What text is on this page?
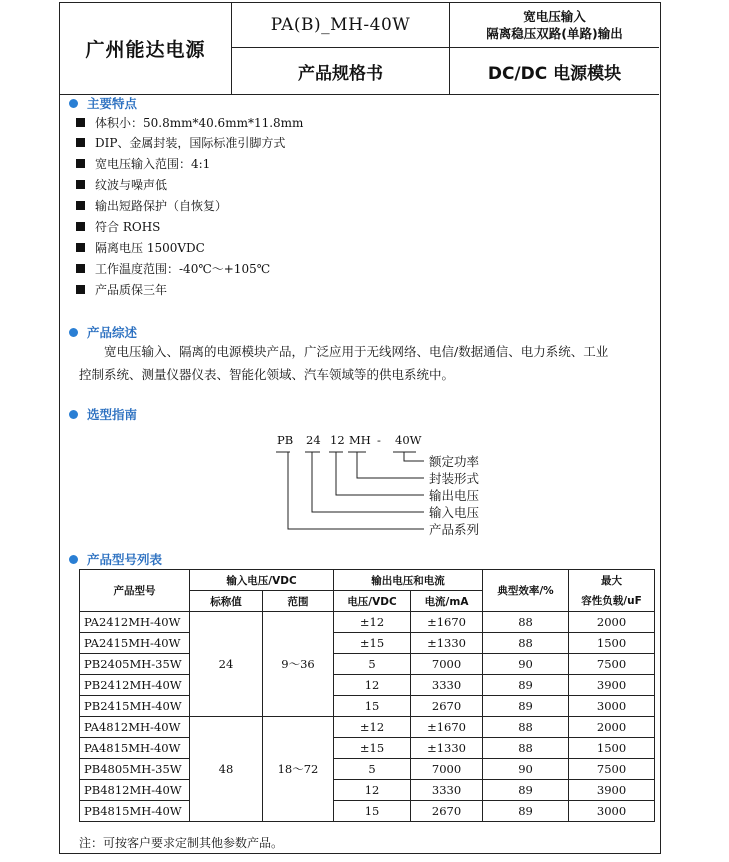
广州能达电源
PA(B)_MH-40W
产品规格书
宽电压输入
隔离稳压双路(单路)输出
DC/DC 电源模块
主要特点
体积小：50.8mm*40.6mm*11.8mm
DIP、金属封装，国际标准引脚方式
宽电压输入范围：4:1
纹波与噪声低
输出短路保护（自恢复）
符合 ROHS
隔离电压 1500VDC
工作温度范围：-40℃～+105℃
产品质保三年
产品综述
宽电压输入、隔离的电源模块产品，广泛应用于无线网络、电信/数据通信、电力系统、工业
控制系统、测量仪器仪表、智能化领域、汽车领域等的供电系统中。
选型指南
PB 24 12 MH - 40W
额定功率
封装形式
输出电压
输入电压
产品系列
产品型号列表
产品型号	输入电压/VDC		输出电压和电流		典型效率/%	最大
容性负载/uF

	标称值	范围	电压/VDC	电流/mA		
PA2412MH-40W	24	9～36	±12	±1670	88	2000
PA2415MH-40W			±15	±1330	88	1500
PB2405MH-35W			5	7000	90	7500
PB2412MH-40W			12	3330	89	3900
PB2415MH-40W			15	2670	89	3000
PA4812MH-40W	48	18～72	±12	±1670	88	2000
PA4815MH-40W			±15	±1330	88	1500
PB4805MH-35W			5	7000	90	7500
PB4812MH-40W			12	3330	89	3900
PB4815MH-40W			15	2670	89	3000
注：可按客户要求定制其他参数产品。
